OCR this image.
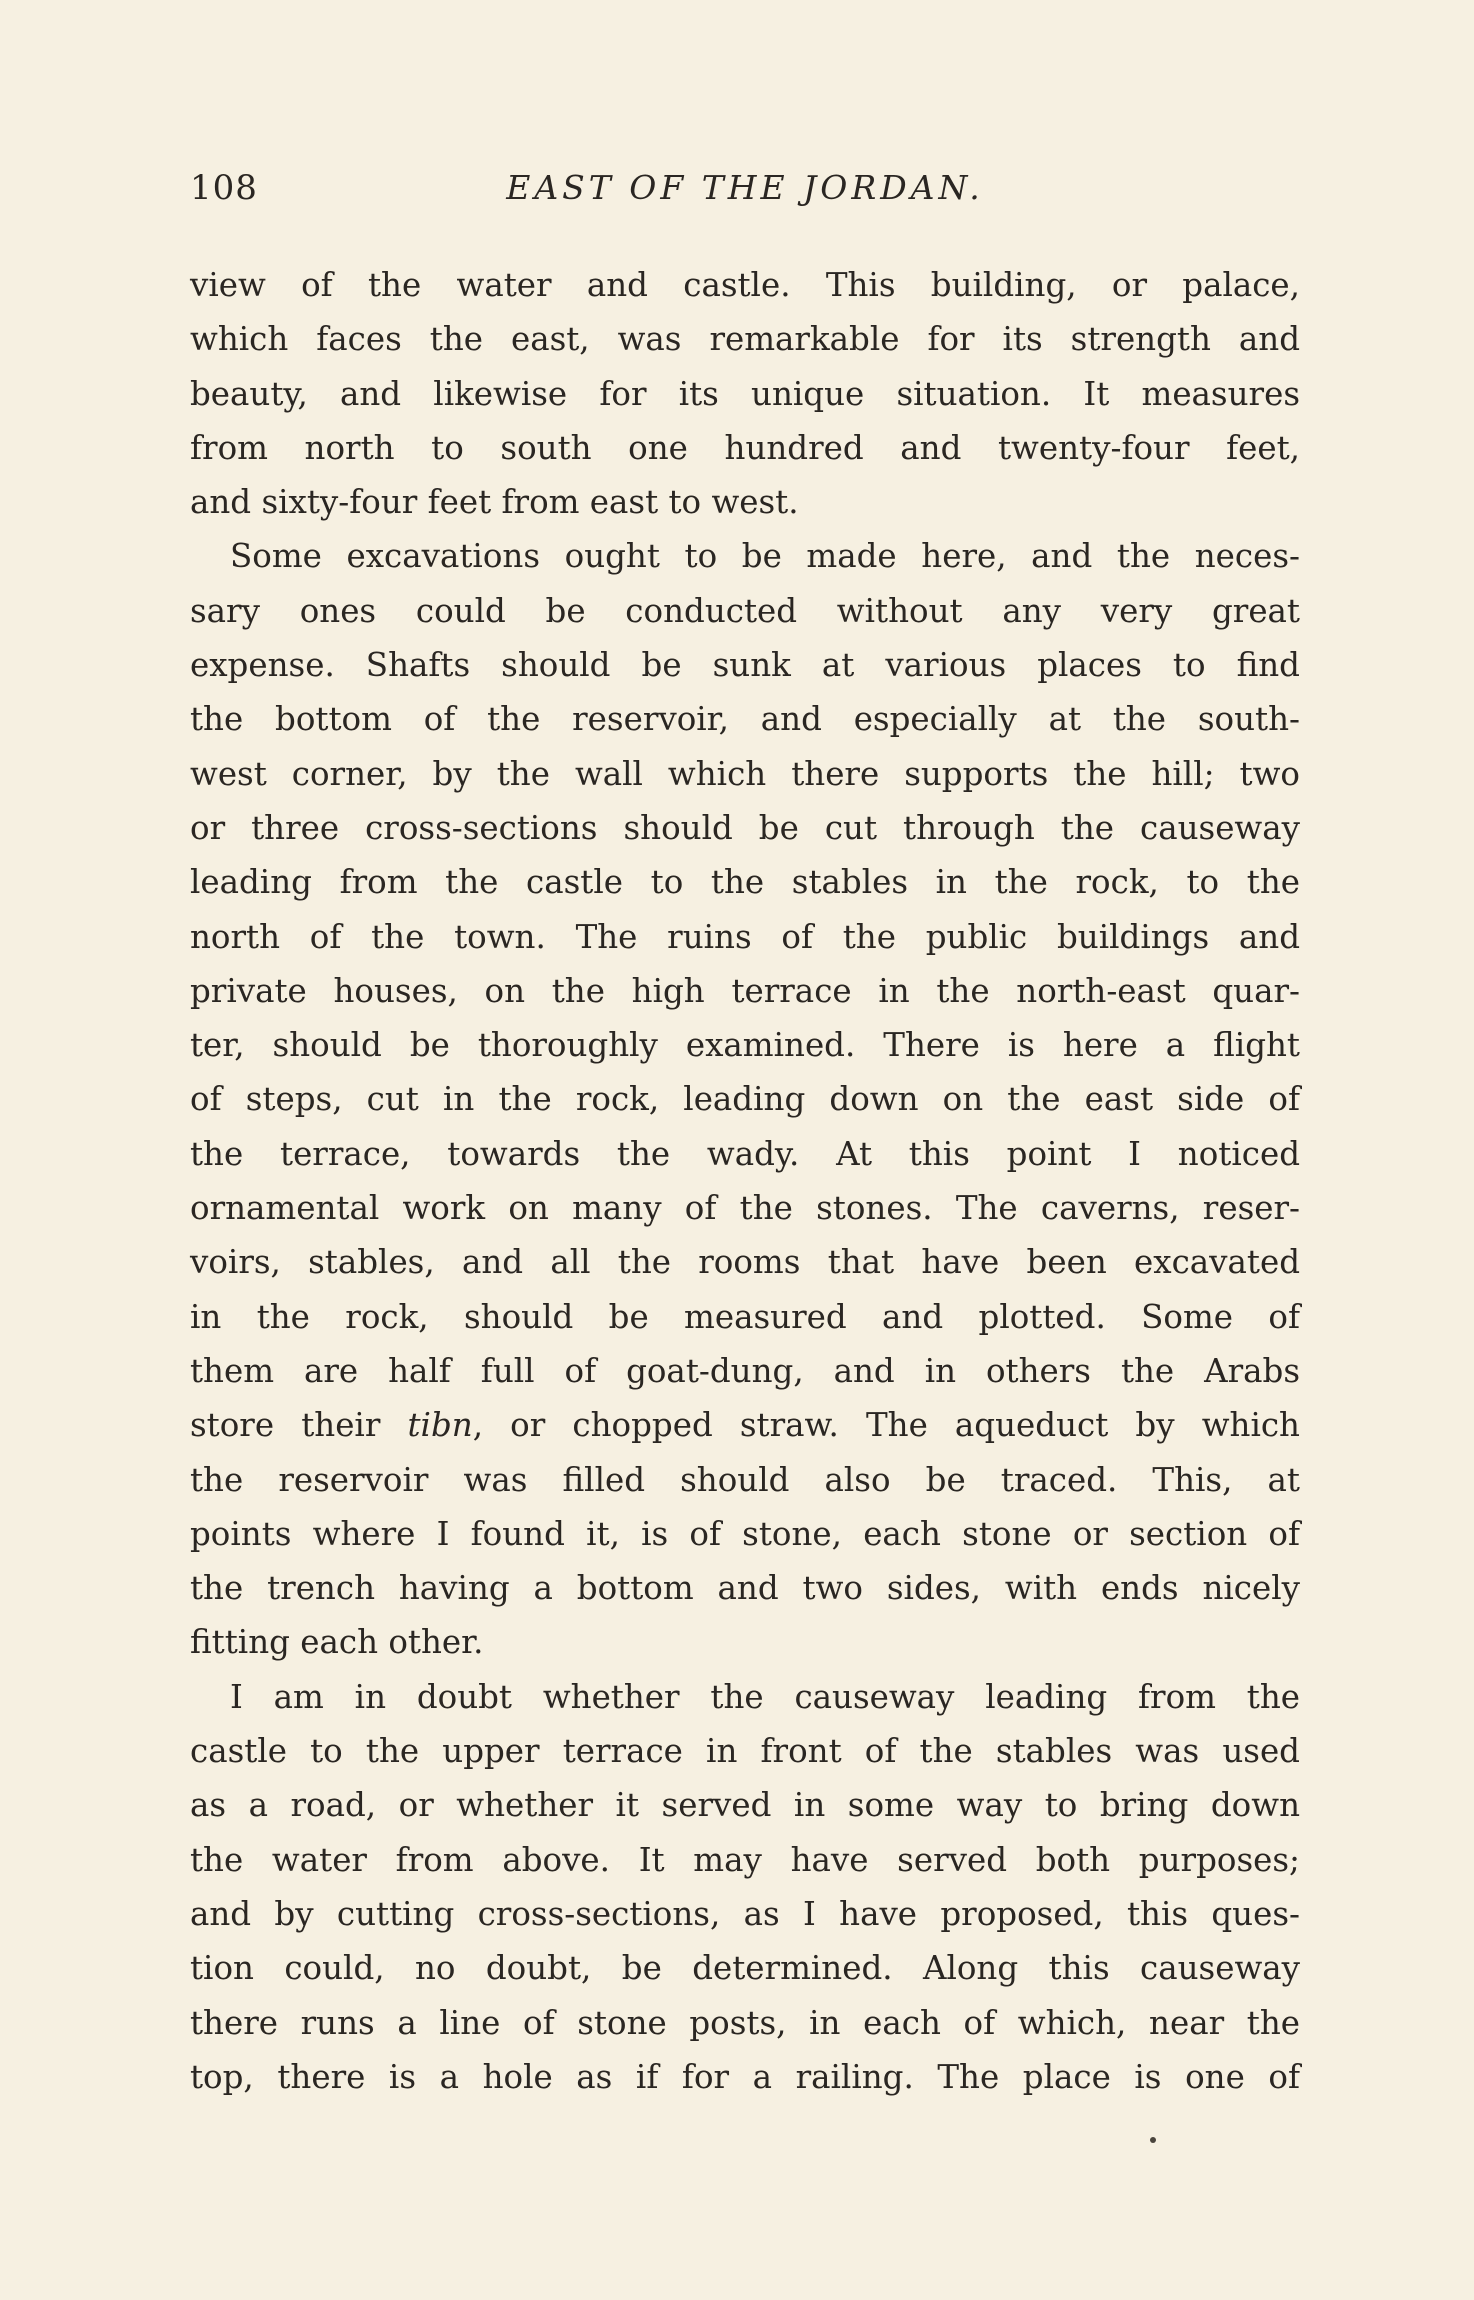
108	EAST OF THE JORDAN.
view of the water and castle. This building, or palace,
which faces the east, was remarkable for its strength and
beauty, and likewise for its unique situation. It measures
from north to south one hundred and twenty-four feet,
and sixty-four feet from east to west.
Some excavations ought to be made here, and the neces-
sary ones could be conducted without any very great
expense. Shafts should be sunk at various places to find
the bottom of the reservoir, and especially at the south-
west corner, by the wall which there supports the hill; two
or three cross-sections should be cut through the causeway
leading from the castle to the stables in the rock, to the
north of the town. The ruins of the public buildings and
private houses, on the high terrace in the north-east quar-
ter, should be thoroughly examined. There is here a flight
of steps, cut in the rock, leading down on the east side of
the terrace, towards the wady. At this point I noticed
ornamental work on many of the stones. The caverns, reser-
voirs, stables, and all the rooms that have been excavated
in the rock, should be measured and plotted. Some of
them are half full of goat-dung, and in others the Arabs
store their tibn, or chopped straw. The aqueduct by which
the reservoir was filled should also be traced. This, at
points where I found it, is of stone, each stone or section of
the trench having a bottom and two sides, with ends nicely
fitting each other.
I am in doubt whether the causeway leading from the
castle to the upper terrace in front of the stables was used
as a road, or whether it served in some way to bring down
the water from above. It may have served both purposes;
and by cutting cross-sections, as I have proposed, this ques-
tion could, no doubt, be determined. Along this causeway
there runs a line of stone posts, in each of which, near the
top, there is a hole as if for a railing. The place is one of
